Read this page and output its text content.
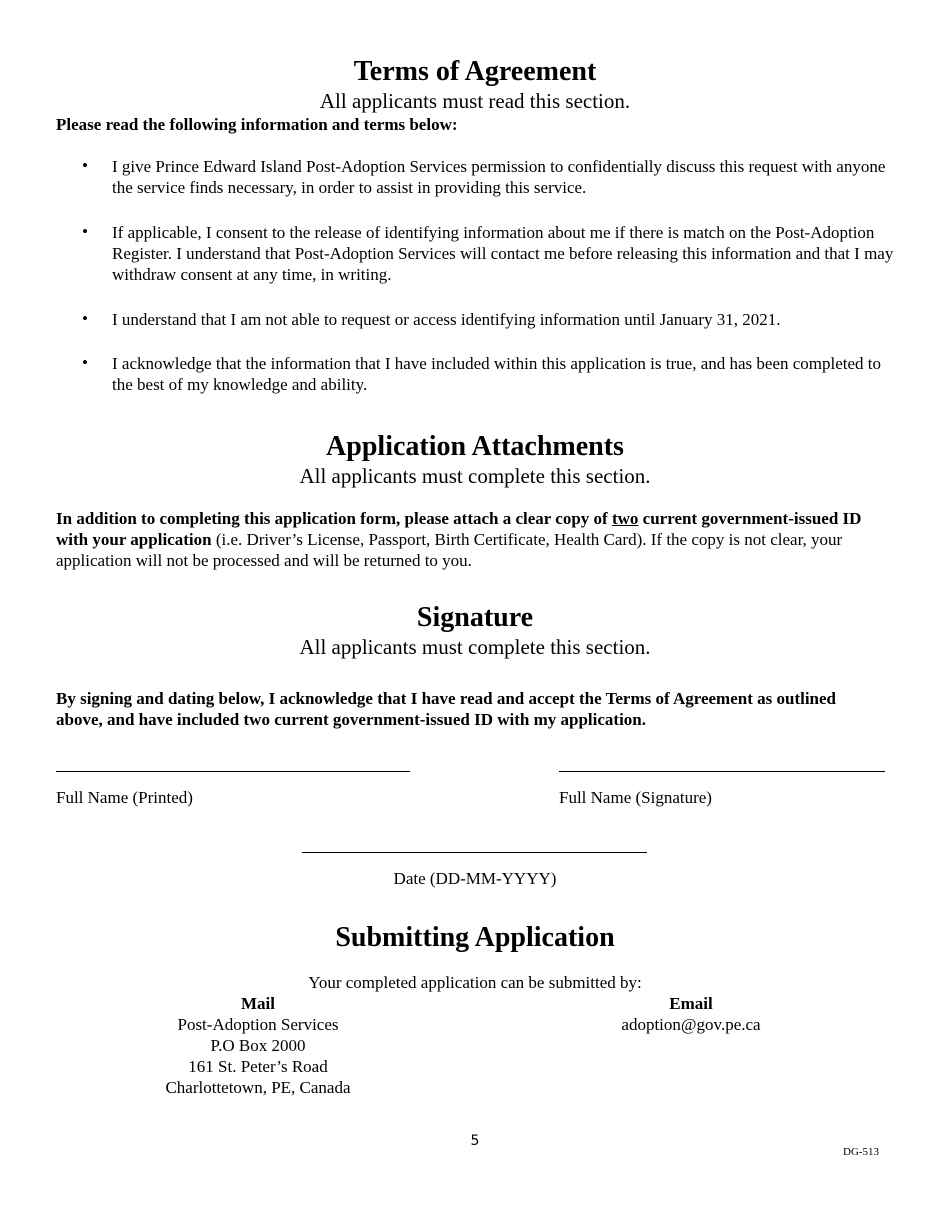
Terms of Agreement
All applicants must read this section.
Please read the following information and terms below:
• I give Prince Edward Island Post-Adoption Services permission to confidentially discuss this request with anyone the service finds necessary, in order to assist in providing this service.
• If applicable, I consent to the release of identifying information about me if there is match on the Post-Adoption Register. I understand that Post-Adoption Services will contact me before releasing this information and that I may withdraw consent at any time, in writing.
• I understand that I am not able to request or access identifying information until January 31, 2021.
• I acknowledge that the information that I have included within this application is true, and has been completed to the best of my knowledge and ability.
Application Attachments
All applicants must complete this section.
In addition to completing this application form, please attach a clear copy of two current government-issued ID with your application (i.e. Driver’s License, Passport, Birth Certificate, Health Card). If the copy is not clear, your application will not be processed and will be returned to you.
Signature
All applicants must complete this section.
By signing and dating below, I acknowledge that I have read and accept the Terms of Agreement as outlined above, and have included two current government-issued ID with my application.
Full Name (Printed)	Full Name (Signature)
Date (DD-MM-YYYY)
Submitting Application
Your completed application can be submitted by:
Mail
Post-Adoption Services
P.O Box 2000
161 St. Peter’s Road
Charlottetown, PE, Canada
Email
adoption@gov.pe.ca
5
DG-513
